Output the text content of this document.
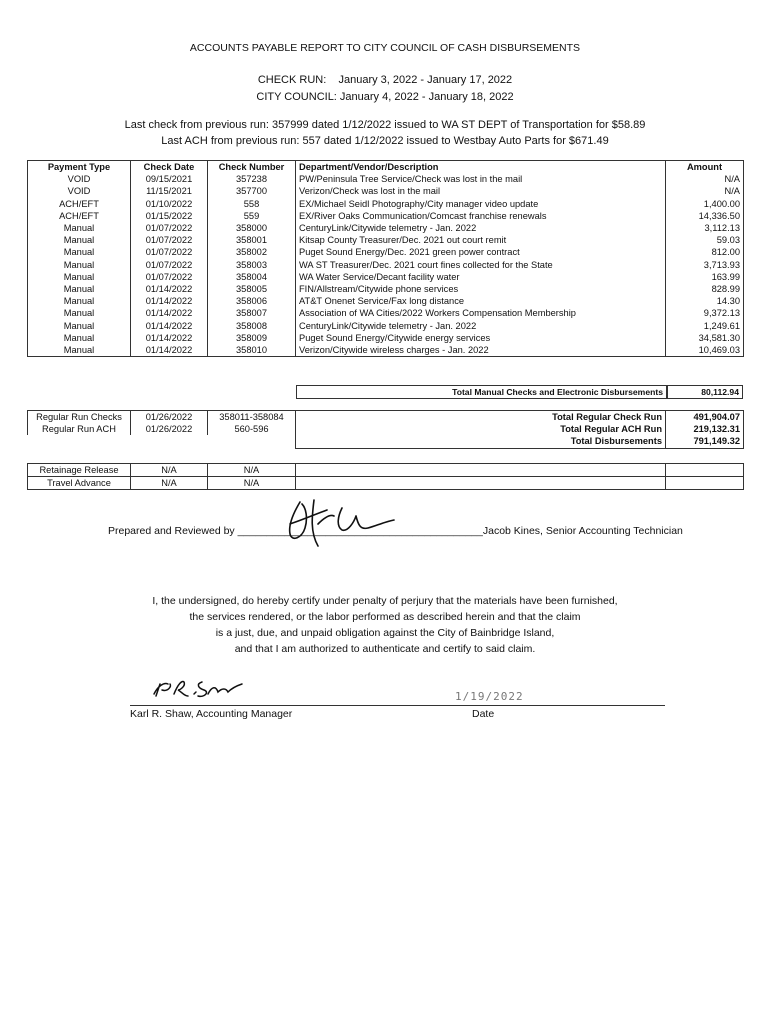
ACCOUNTS PAYABLE REPORT TO CITY COUNCIL OF CASH DISBURSEMENTS
CHECK RUN:    January 3, 2022 - January 17, 2022
CITY COUNCIL: January 4, 2022 - January 18, 2022
Last check from previous run: 357999 dated 1/12/2022 issued to WA ST DEPT of Transportation for $58.89
Last ACH from previous run: 557 dated 1/12/2022 issued to Westbay Auto Parts for $671.49
Payment Type	Check Date	Check Number	Department/Vendor/Description	Amount
VOID	09/15/2021	357238	PW/Peninsula Tree Service/Check was lost in the mail	N/A
VOID	11/15/2021	357700	Verizon/Check was lost in the mail	N/A
ACH/EFT	01/10/2022	558	EX/Michael Seidl Photography/City manager video update	1,400.00
ACH/EFT	01/15/2022	559	EX/River Oaks Communication/Comcast franchise renewals	14,336.50
Manual	01/07/2022	358000	CenturyLink/Citywide telemetry - Jan. 2022	3,112.13
Manual	01/07/2022	358001	Kitsap County Treasurer/Dec. 2021 out court remit	59.03
Manual	01/07/2022	358002	Puget Sound Energy/Dec. 2021 green power contract	812.00
Manual	01/07/2022	358003	WA ST Treasurer/Dec. 2021 court fines collected for the State	3,713.93
Manual	01/07/2022	358004	WA Water Service/Decant facility water	163.99
Manual	01/14/2022	358005	FIN/Allstream/Citywide phone services	828.99
Manual	01/14/2022	358006	AT&T Onenet Service/Fax long distance	14.30
Manual	01/14/2022	358007	Association of WA Cities/2022 Workers Compensation Membership	9,372.13
Manual	01/14/2022	358008	CenturyLink/Citywide telemetry - Jan. 2022	1,249.61
Manual	01/14/2022	358009	Puget Sound Energy/Citywide energy services	34,581.30
Manual	01/14/2022	358010	Verizon/Citywide wireless charges - Jan. 2022	10,469.03
Total Manual Checks and Electronic Disbursements	80,112.94
Regular Run Checks	01/26/2022	358011-358084	Total Regular Check Run	491,904.07
Regular Run ACH	01/26/2022	560-596	Total Regular ACH Run	219,132.31
			Total Disbursements	791,149.32
Retainage Release	N/A	N/A		
Travel Advance	N/A	N/A		
Prepared and Reviewed by __________________________________________Jacob Kines, Senior Accounting Technician
I, the undersigned, do hereby certify under penalty of perjury that the materials have been furnished,
the services rendered, or the labor performed as described herein and that the claim
is a just, due, and unpaid obligation against the City of Bainbridge Island,
and that I am authorized to authenticate and certify to said claim.
1/19/2022
Karl R. Shaw, Accounting Manager	Date
